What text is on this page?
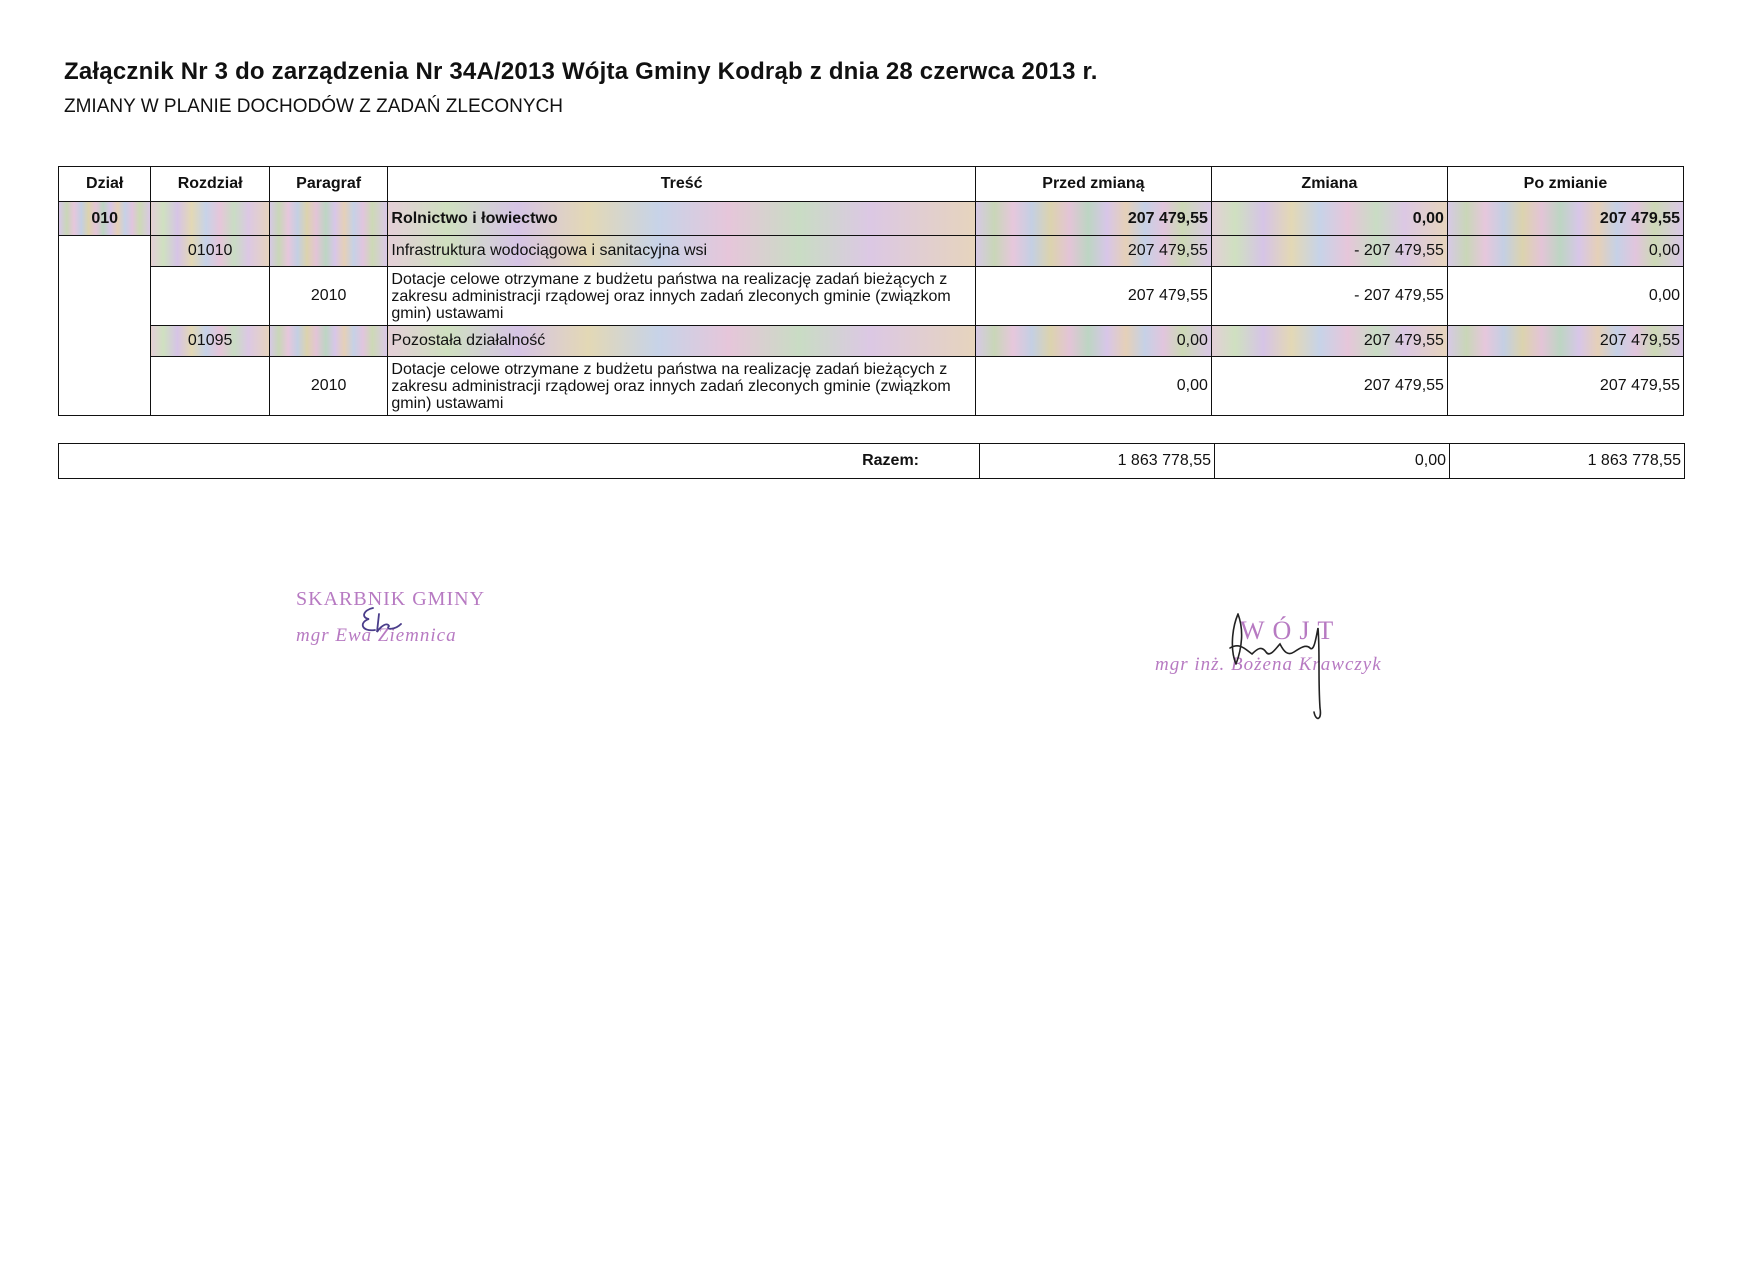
Załącznik Nr 3 do zarządzenia Nr 34A/2013 Wójta Gminy Kodrąb z dnia 28 czerwca 2013 r.
ZMIANY W PLANIE DOCHODÓW Z ZADAŃ ZLECONYCH
Dział	Rozdział	Paragraf	Treść	Przed zmianą	Zmiana	Po zmianie
010			Rolnictwo i łowiectwo	207 479,55	0,00	207 479,55
	01010		Infrastruktura wodociągowa i sanitacyjna wsi	207 479,55	- 207 479,55	0,00
		2010	Dotacje celowe otrzymane z budżetu państwa na realizację zadań bieżących z zakresu administracji rządowej oraz innych zadań zleconych gminie (związkom gmin) ustawami	207 479,55	- 207 479,55	0,00
	01095		Pozostała działalność	0,00	207 479,55	207 479,55
		2010	Dotacje celowe otrzymane z budżetu państwa na realizację zadań bieżących z zakresu administracji rządowej oraz innych zadań zleconych gminie (związkom gmin) ustawami	0,00	207 479,55	207 479,55
Razem:	1 863 778,55	0,00	1 863 778,55
SKARBNIK GMINY
mgr Ewa Ziemnica	WÓJT
mgr inż. Bożena Krawczyk
